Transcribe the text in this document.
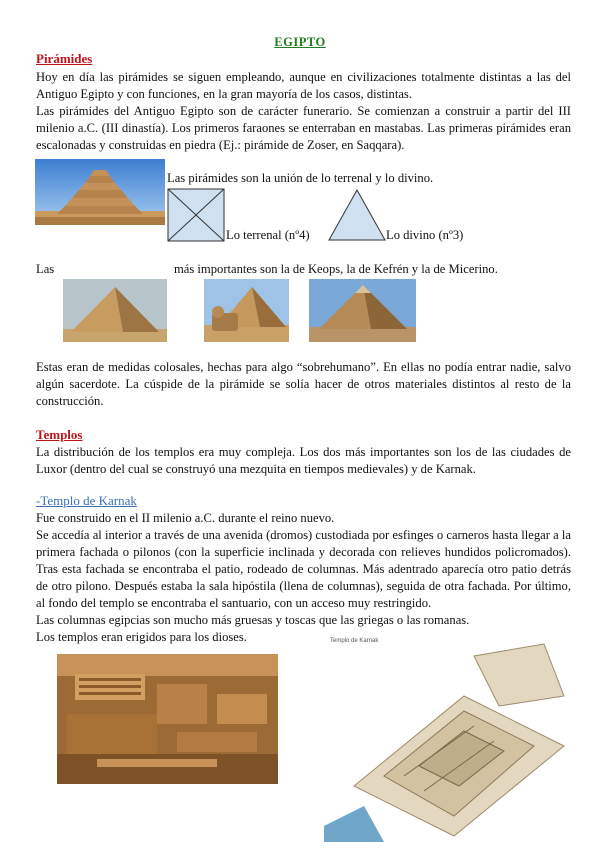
EGIPTO
Pirámides
Hoy en día las pirámides se siguen empleando, aunque en civilizaciones totalmente distintas a las del Antiguo Egipto y con funciones, en la gran mayoría de los casos, distintas.
Las pirámides del Antiguo Egipto son de carácter funerario. Se comienzan a construir a partir del III milenio a.C. (III dinastía). Los primeros faraones se enterraban en mastabas. Las primeras pirámides eran escalonadas y construidas en piedra (Ej.: pirámide de Zoser, en Saqqara).
Las pirámides son la unión de lo terrenal y lo divino.
Lo terrenal (nº4)	Lo divino (nº3)
Las	más importantes son la de Keops, la de Kefrén y la de Micerino.
Estas eran de medidas colosales, hechas para algo “sobrehumano”. En ellas no podía entrar nadie, salvo algún sacerdote. La cúspide de la pirámide se solía hacer de otros materiales distintos al resto de la construcción.
Templos
La distribución de los templos era muy compleja. Los dos más importantes son los de las ciudades de Luxor (dentro del cual se construyó una mezquita en tiempos medievales) y de Karnak.
-Templo de Karnak
Fue construido en el II milenio a.C. durante el reino nuevo.
Se accedía al interior a través de una avenida (dromos) custodiada por esfinges o carneros hasta llegar a la primera fachada o pilonos (con la superficie inclinada y decorada con relieves hundidos policromados). Tras esta fachada se encontraba el patio, rodeado de columnas. Más adentrado aparecía otro patio detrás de otro pilono. Después estaba la sala hipóstila (llena de columnas), seguida de otra fachada. Por último, al fondo del templo se encontraba el santuario, con un acceso muy restringido.
Las columnas egipcias son mucho más gruesas y toscas que las griegas o las romanas.
Los templos eran erigidos para los dioses.	Templo de Karnak
